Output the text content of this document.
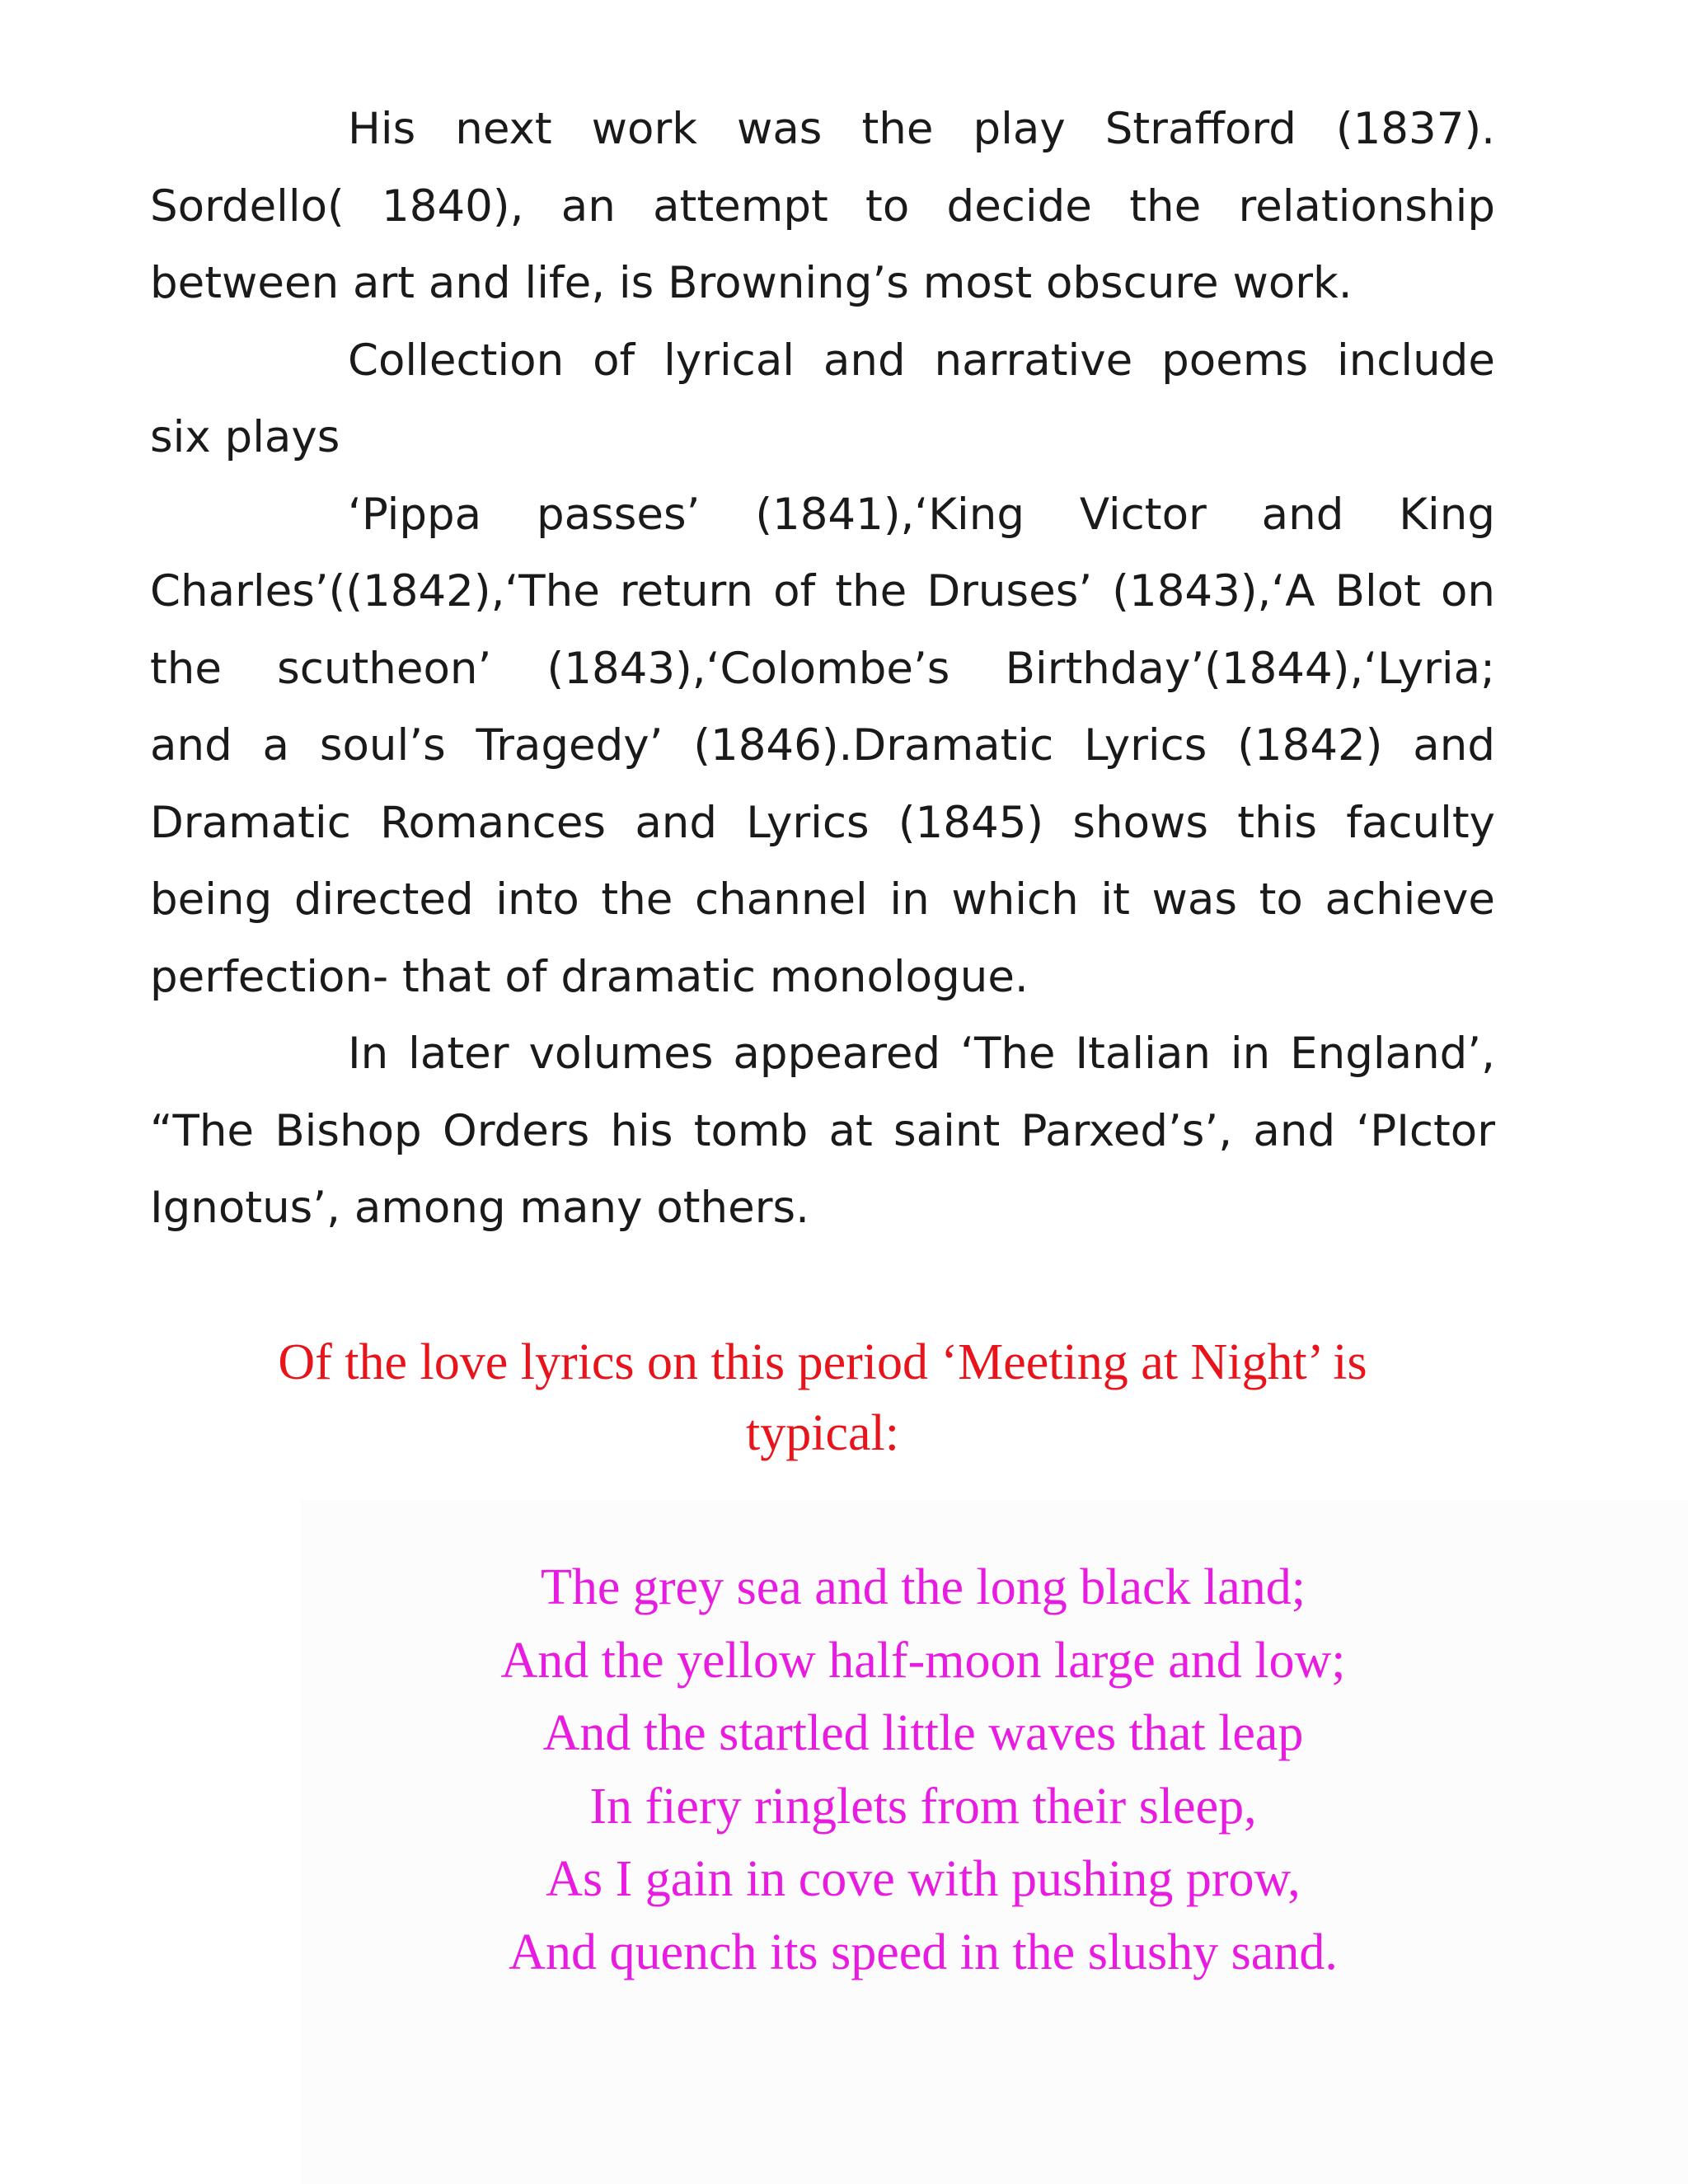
His next work was the play Strafford (1837).
Sordello( 1840), an attempt to decide the relationship
between art and life, is Browning’s most obscure work.
Collection of lyrical and narrative poems include
six plays
‘Pippa passes’ (1841),‘King Victor and King
Charles’((1842),‘The return of the Druses’ (1843),‘A Blot on
the scutheon’ (1843),‘Colombe’s Birthday’(1844),‘Lyria;
and a soul’s Tragedy’ (1846).Dramatic Lyrics (1842) and
Dramatic Romances and Lyrics (1845) shows this faculty
being directed into the channel in which it was to achieve
perfection- that of dramatic monologue.
In later volumes appeared ‘The Italian in England’,
“The Bishop Orders his tomb at saint Parxed’s’, and ‘PIctor
Ignotus’, among many others.
Of the love lyrics on this period ‘Meeting at Night’ is
typical:
The grey sea and the long black land;
And the yellow half-moon large and low;
And the startled little waves that leap
In fiery ringlets from their sleep,
As I gain in cove with pushing prow,
And quench its speed in the slushy sand.
